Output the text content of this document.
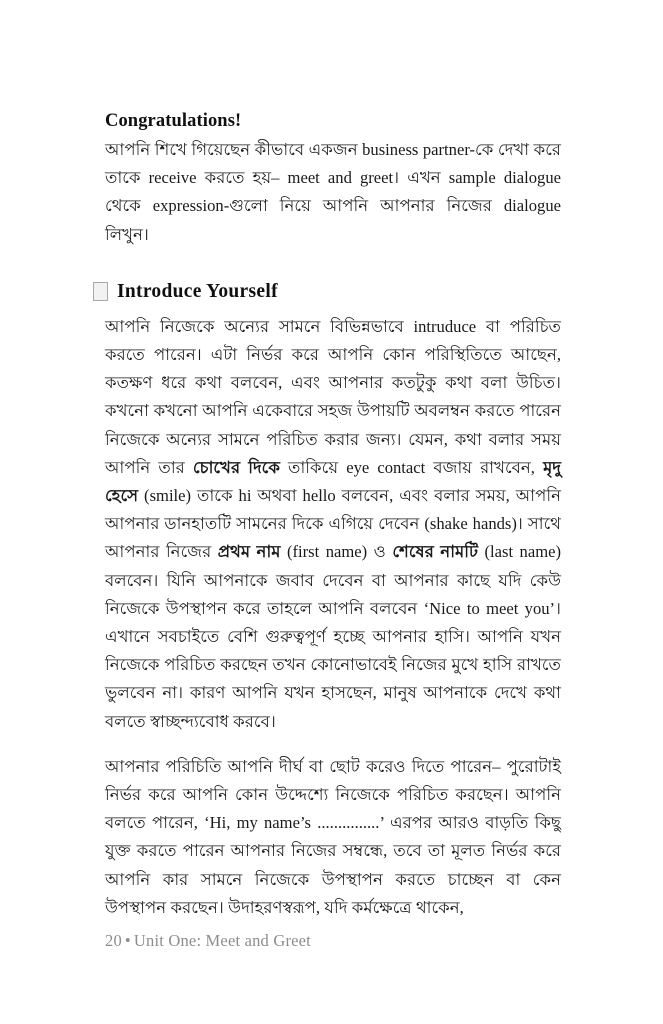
Congratulations!

আপনি শিখে গিয়েছেন কীভাবে একজন business partner-কে দেখা করে তাকে receive করতে হয়– meet and greet। এখন sample dialogue থেকে expression-গুলো নিয়ে আপনি আপনার নিজের dialogue লিখুন।

Introduce Yourself

আপনি নিজেকে অন্যের সামনে বিভিন্নভাবে intruduce বা পরিচিত করতে পারেন। এটা নির্ভর করে আপনি কোন পরিস্থিতিতে আছেন, কতক্ষণ ধরে কথা বলবেন, এবং আপনার কতটুকু কথা বলা উচিত। কখনো কখনো আপনি একেবারে সহজ উপায়টি অবলম্বন করতে পারেন নিজেকে অন্যের সামনে পরিচিত করার জন্য। যেমন, কথা বলার সময় আপনি তার চোখের দিকে তাকিয়ে eye contact বজায় রাখবেন, মৃদু হেসে (smile) তাকে hi অথবা hello বলবেন, এবং বলার সময়, আপনি আপনার ডানহাতটি সামনের দিকে এগিয়ে দেবেন (shake hands)। সাথে আপনার নিজের প্রথম নাম (first name) ও শেষের নামটি (last name) বলবেন। যিনি আপনাকে জবাব দেবেন বা আপনার কাছে যদি কেউ নিজেকে উপস্থাপন করে তাহলে আপনি বলবেন ‘Nice to meet you’। এখানে সবচাইতে বেশি গুরুত্বপূর্ণ হচ্ছে আপনার হাসি। আপনি যখন নিজেকে পরিচিত করছেন তখন কোনোভাবেই নিজের মুখে হাসি রাখতে ভুলবেন না। কারণ আপনি যখন হাসছেন, মানুষ আপনাকে দেখে কথা বলতে স্বাচ্ছন্দ্যবোধ করবে।

আপনার পরিচিতি আপনি দীর্ঘ বা ছোট করেও দিতে পারেন– পুরোটাই নির্ভর করে আপনি কোন উদ্দেশ্যে নিজেকে পরিচিত করছেন। আপনি বলতে পারেন, ‘Hi, my name’s ...............’ এরপর আরও বাড়তি কিছু যুক্ত করতে পারেন আপনার নিজের সম্বন্ধে, তবে তা মূলত নির্ভর করে আপনি কার সামনে নিজেকে উপস্থাপন করতে চাচ্ছেন বা কেন উপস্থাপন করছেন। উদাহরণস্বরূপ, যদি কর্মক্ষেত্রে থাকেন,

20 • Unit One: Meet and Greet
